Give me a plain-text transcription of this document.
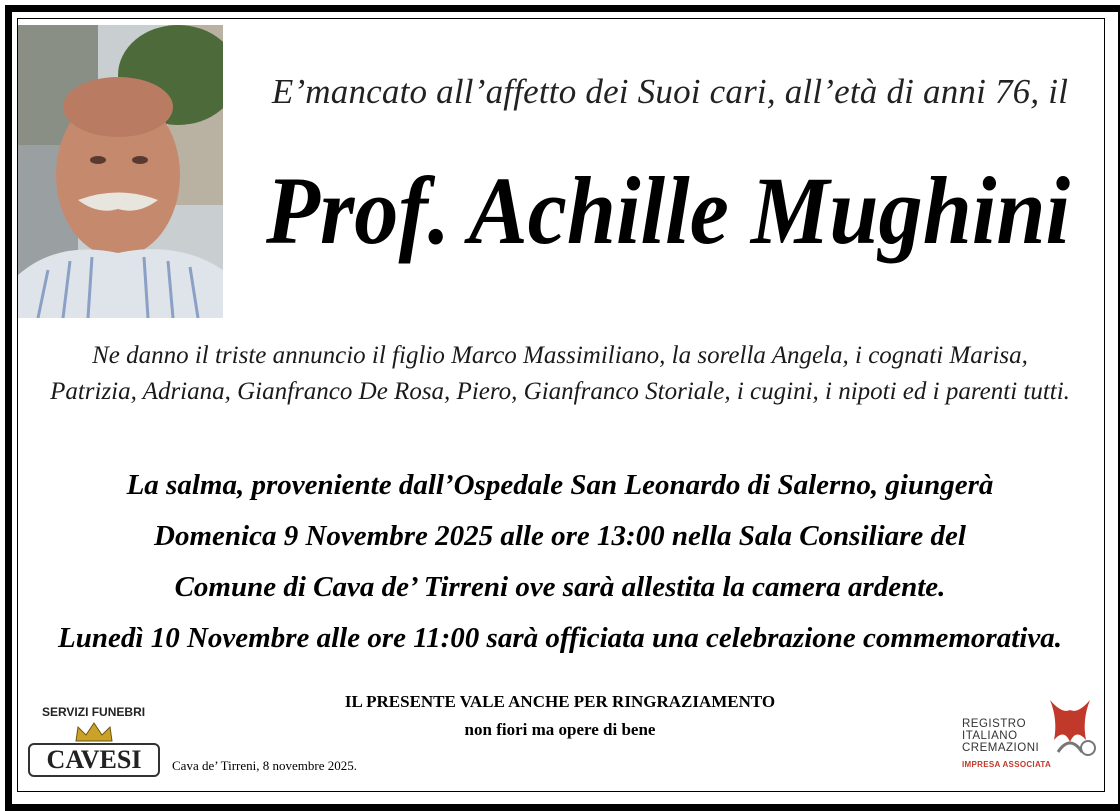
E’mancato all’affetto dei Suoi cari, all’età di anni 76, il
Prof. Achille Mughini
Ne danno il triste annuncio il figlio Marco Massimiliano, la sorella Angela, i cognati Marisa,
Patrizia, Adriana, Gianfranco De Rosa, Piero, Gianfranco Storiale, i cugini, i nipoti ed i parenti tutti.
La salma, proveniente dall’Ospedale San Leonardo di Salerno, giungerà
Domenica 9 Novembre 2025 alle ore 13:00 nella Sala Consiliare del
Comune di Cava de’ Tirreni ove sarà allestita la camera ardente.
Lunedì 10 Novembre alle ore 11:00 sarà officiata una celebrazione commemorativa.
IL PRESENTE VALE ANCHE PER RINGRAZIAMENTO
non fiori ma opere di bene
SERVIZI FUNEBRI
CAVESI	Cava de’ Tirreni, 8 novembre 2025.
REGISTRO
ITALIANO
CREMAZIONI
IMPRESA ASSOCIATA
